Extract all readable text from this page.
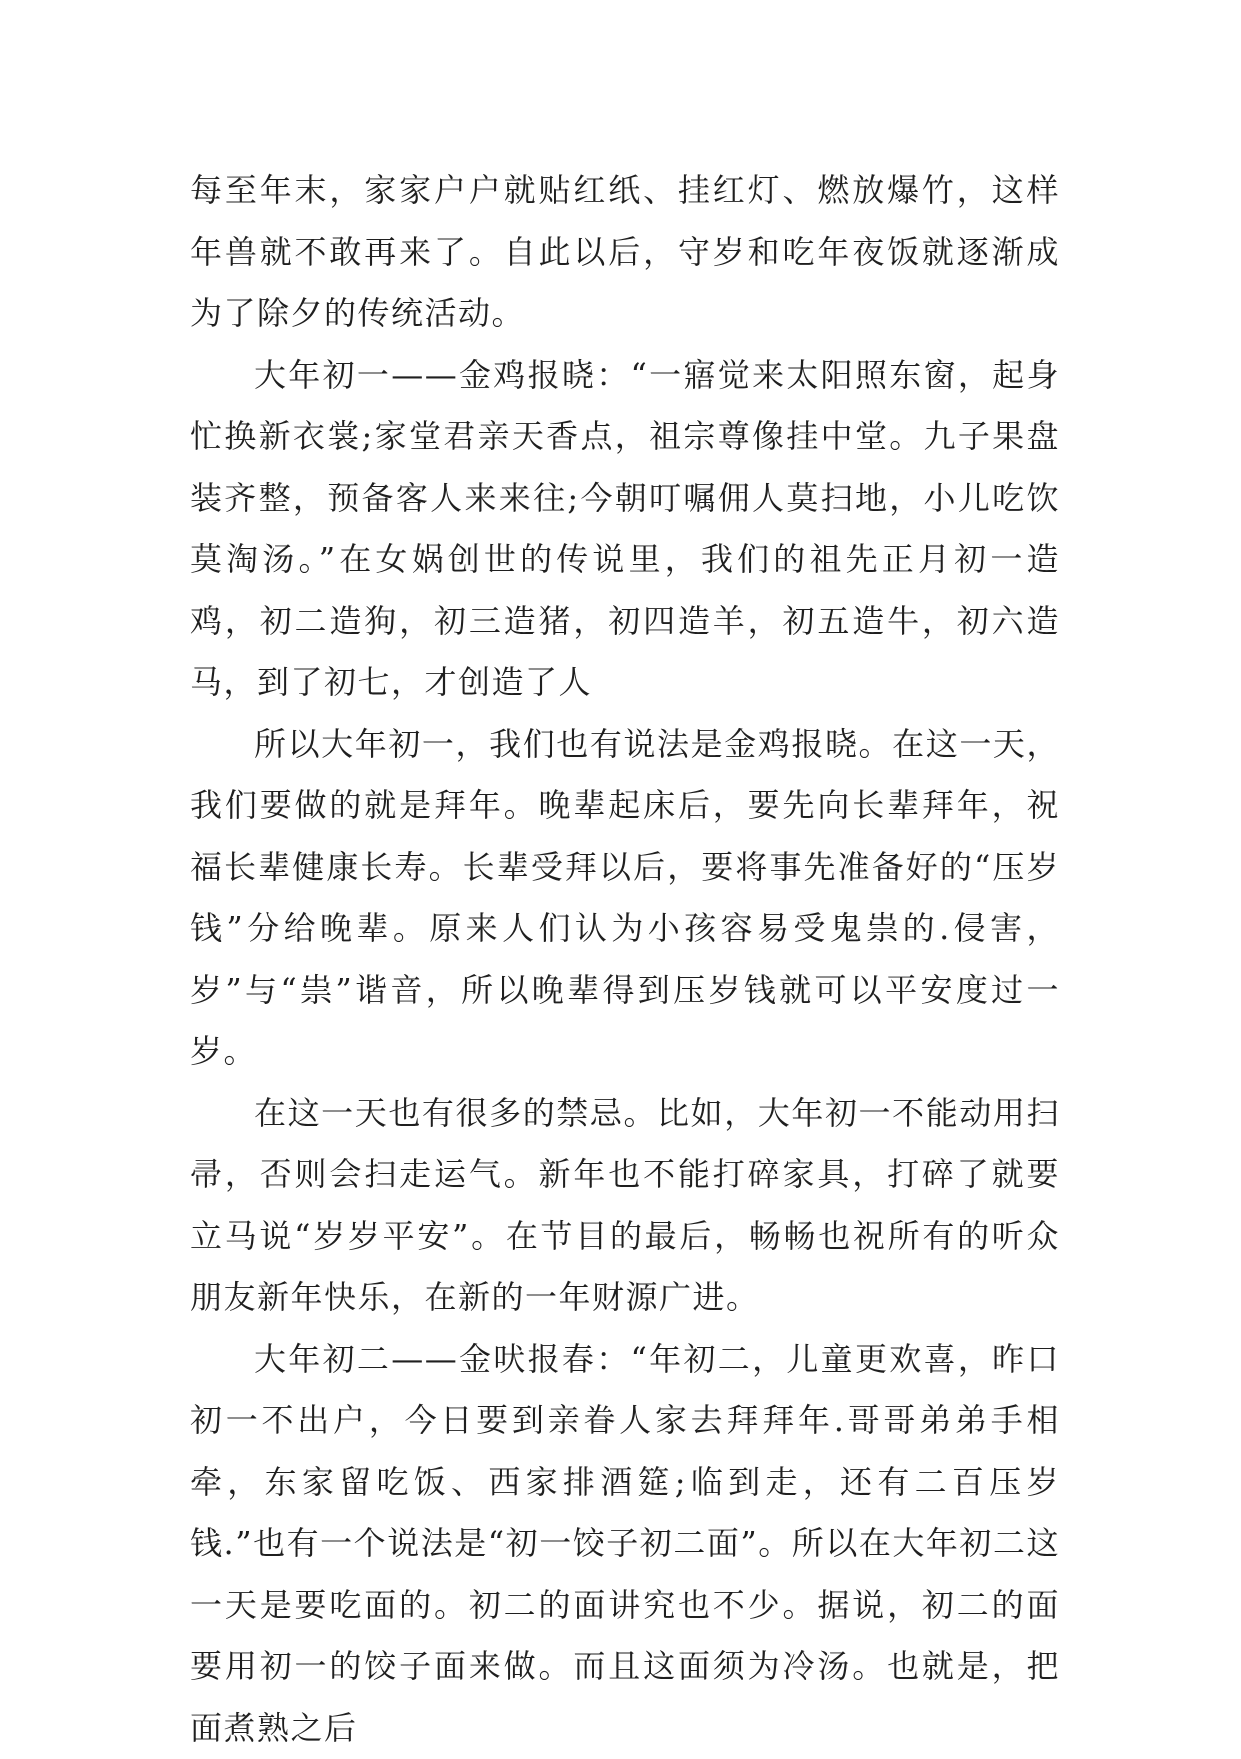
每至年末，家家户户就贴红纸、挂红灯、燃放爆竹，这样年兽就不敢再来了。自此以后，守岁和吃年夜饭就逐渐成为了除夕的传统活动。

大年初一——金鸡报晓：“一寤觉来太阳照东窗，起身忙换新衣裳;家堂君亲天香点，祖宗尊像挂中堂。九子果盘装齐整，预备客人来来往;今朝叮嘱佣人莫扫地，小儿吃饮莫淘汤。”在女娲创世的传说里，我们的祖先正月初一造鸡，初二造狗，初三造猪，初四造羊，初五造牛，初六造马，到了初七，才创造了人

所以大年初一，我们也有说法是金鸡报晓。在这一天，我们要做的就是拜年。晚辈起床后，要先向长辈拜年，祝福长辈健康长寿。长辈受拜以后，要将事先准备好的“压岁钱”分给晚辈。原来人们认为小孩容易受鬼祟的.侵害，岁”与“祟”谐音，所以晚辈得到压岁钱就可以平安度过一岁。

在这一天也有很多的禁忌。比如，大年初一不能动用扫帚，否则会扫走运气。新年也不能打碎家具，打碎了就要立马说“岁岁平安”。在节目的最后，畅畅也祝所有的听众朋友新年快乐，在新的一年财源广进。

大年初二——金吠报春：“年初二，儿童更欢喜，昨口初一不出户，今日要到亲眷人家去拜拜年.哥哥弟弟手相牵，东家留吃饭、西家排酒筵;临到走，还有二百压岁钱.”也有一个说法是“初一饺子初二面”。所以在大年初二这一天是要吃面的。初二的面讲究也不少。据说，初二的面要用初一的饺子面来做。而且这面须为冷汤。也就是，把面煮熟之后
